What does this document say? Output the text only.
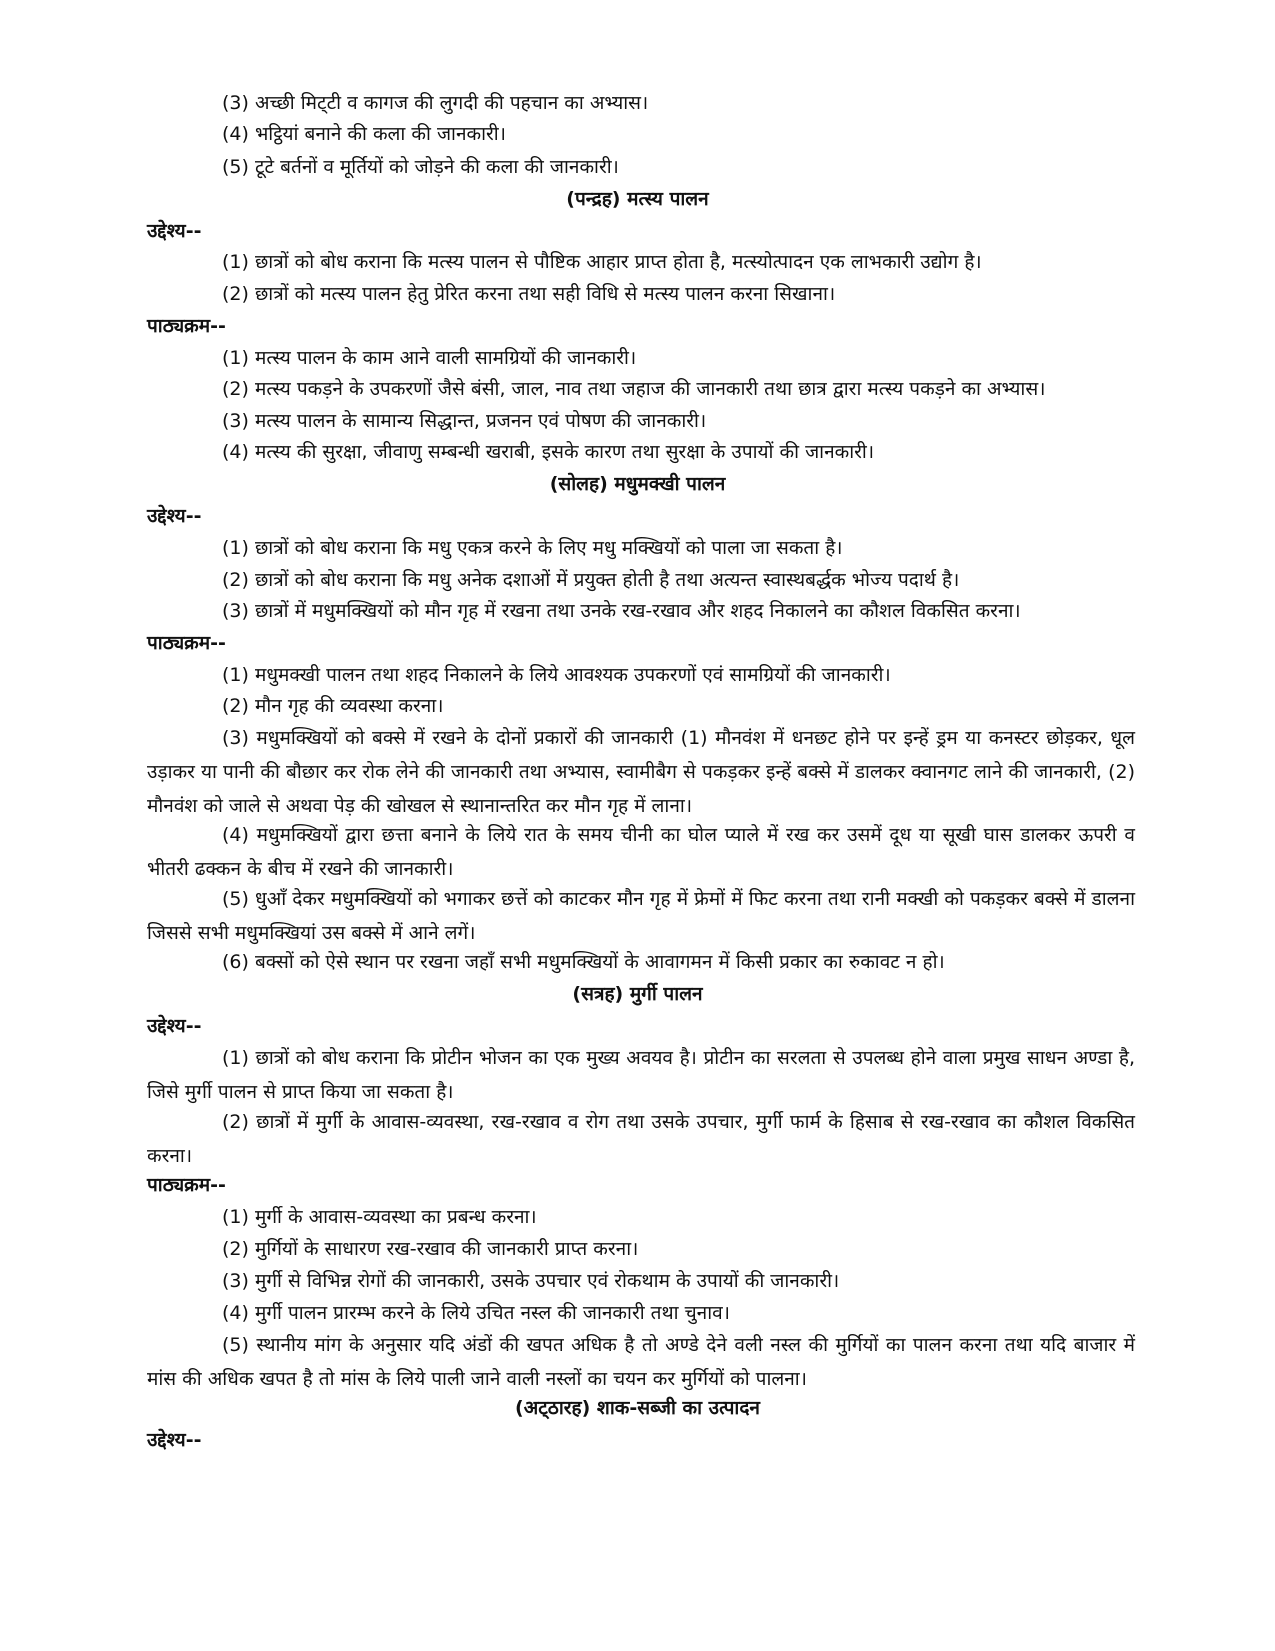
(3) अच्छी मिट्‌टी व कागज की लुगदी की पहचान का अभ्यास।
(4) भट्ठियां बनाने की कला की जानकारी।
(5) टूटे बर्तनों व मूर्तियों को जोड़ने की कला की जानकारी।
(पन्द्रह) मत्स्य पालन
उद्देश्य--
(1) छात्रों को बोध कराना कि मत्स्य पालन से पौष्टिक आहार प्राप्त होता है, मत्स्योत्पादन एक लाभकारी उद्योग है।
(2) छात्रों को मत्स्य पालन हेतु प्रेरित करना तथा सही विधि से मत्स्य पालन करना सिखाना।
पाठ्यक्रम--
(1) मत्स्य पालन के काम आने वाली सामग्रियों की जानकारी।
(2) मत्स्य पकड़ने के उपकरणों जैसे बंसी, जाल, नाव तथा जहाज की जानकारी तथा छात्र द्वारा मत्स्य पकड़ने का अभ्यास।
(3) मत्स्य पालन के सामान्य सिद्धान्त, प्रजनन एवं पोषण की जानकारी।
(4) मत्स्य की सुरक्षा, जीवाणु सम्बन्धी खराबी, इसके कारण तथा सुरक्षा के उपायों की जानकारी।
(सोलह) मधुमक्खी पालन
उद्देश्य--
(1) छात्रों को बोध कराना कि मधु एकत्र करने के लिए मधु मक्खियों को पाला जा सकता है।
(2) छात्रों को बोध कराना कि मधु अनेक दशाओं में प्रयुक्त होती है तथा अत्यन्त स्वास्थबर्द्धक भोज्य पदार्थ है।
(3) छात्रों में मधुमक्खियों को मौन गृह में रखना तथा उनके रख-रखाव और शहद निकालने का कौशल विकसित करना।
पाठ्यक्रम--
(1) मधुमक्खी पालन तथा शहद निकालने के लिये आवश्यक उपकरणों एवं सामग्रियों की जानकारी।
(2) मौन गृह की व्यवस्था करना।
(3) मधुमक्खियों को बक्से में रखने के दोनों प्रकारों की जानकारी (1) मौनवंश में धनछट होने पर इन्हें ड्रम या कनस्टर छोड़कर, धूल उड़ाकर या पानी की बौछार कर रोक लेने की जानकारी तथा अभ्यास, स्वामीबैग से पकड़कर इन्हें बक्से में डालकर क्वानगट लाने की जानकारी, (2) मौनवंश को जाले से अथवा पेड़ की खोखल से स्थानान्तरित कर मौन गृह में लाना।
(4) मधुमक्खियों द्वारा छत्ता बनाने के लिये रात के समय चीनी का घोल प्याले में रख कर उसमें दूध या सूखी घास डालकर ऊपरी व भीतरी ढक्कन के बीच में रखने की जानकारी।
(5) धुआँ देकर मधुमक्खियों को भगाकर छत्तें को काटकर मौन गृह में फ्रेमों में फिट करना तथा रानी मक्खी को पकड़कर बक्से में डालना जिससे सभी मधुमक्खियां उस बक्से में आने लगें।
(6) बक्सों को ऐसे स्थान पर रखना जहाँ सभी मधुमक्खियों के आवागमन में किसी प्रकार का रुकावट न हो।
(सत्रह) मुर्गी पालन
उद्देश्य--
(1) छात्रों को बोध कराना कि प्रोटीन भोजन का एक मुख्य अवयव है। प्रोटीन का सरलता से उपलब्ध होने वाला प्रमुख साधन अण्डा है, जिसे मुर्गी पालन से प्राप्त किया जा सकता है।
(2) छात्रों में मुर्गी के आवास-व्यवस्था, रख-रखाव व रोग तथा उसके उपचार, मुर्गी फार्म के हिसाब से रख-रखाव का कौशल विकसित करना।
पाठ्यक्रम--
(1) मुर्गी के आवास-व्यवस्था का प्रबन्ध करना।
(2) मुर्गियों के साधारण रख-रखाव की जानकारी प्राप्त करना।
(3) मुर्गी से विभिन्न रोगों की जानकारी, उसके उपचार एवं रोकथाम के उपायों की जानकारी।
(4) मुर्गी पालन प्रारम्भ करने के लिये उचित नस्ल की जानकारी तथा चुनाव।
(5) स्थानीय मांग के अनुसार यदि अंडों की खपत अधिक है तो अण्डे देने वली नस्ल की मुर्गियों का पालन करना तथा यदि बाजार में मांस की अधिक खपत है तो मांस के लिये पाली जाने वाली नस्लों का चयन कर मुर्गियों को पालना।
(अट्‌ठारह) शाक-सब्जी का उत्पादन
उद्देश्य--
